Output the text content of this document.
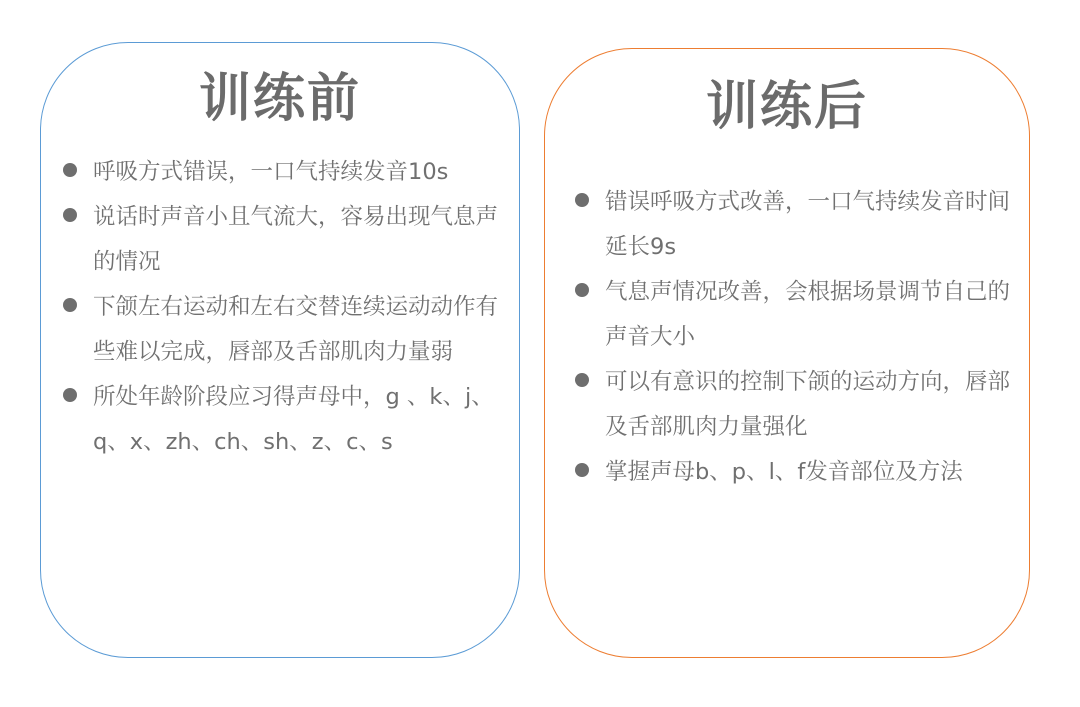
训练前
呼吸方式错误，一口气持续发音10s
说话时声音小且气流大，容易出现气息声的情况
下颌左右运动和左右交替连续运动动作有些难以完成，唇部及舌部肌肉力量弱
所处年龄阶段应习得声母中，g 、k、j、q、x、zh、ch、sh、z、c、s
训练后
错误呼吸方式改善，一口气持续发音时间延长9s
气息声情况改善，会根据场景调节自己的声音大小
可以有意识的控制下颌的运动方向，唇部及舌部肌肉力量强化
掌握声母b、p、l、f发音部位及方法
